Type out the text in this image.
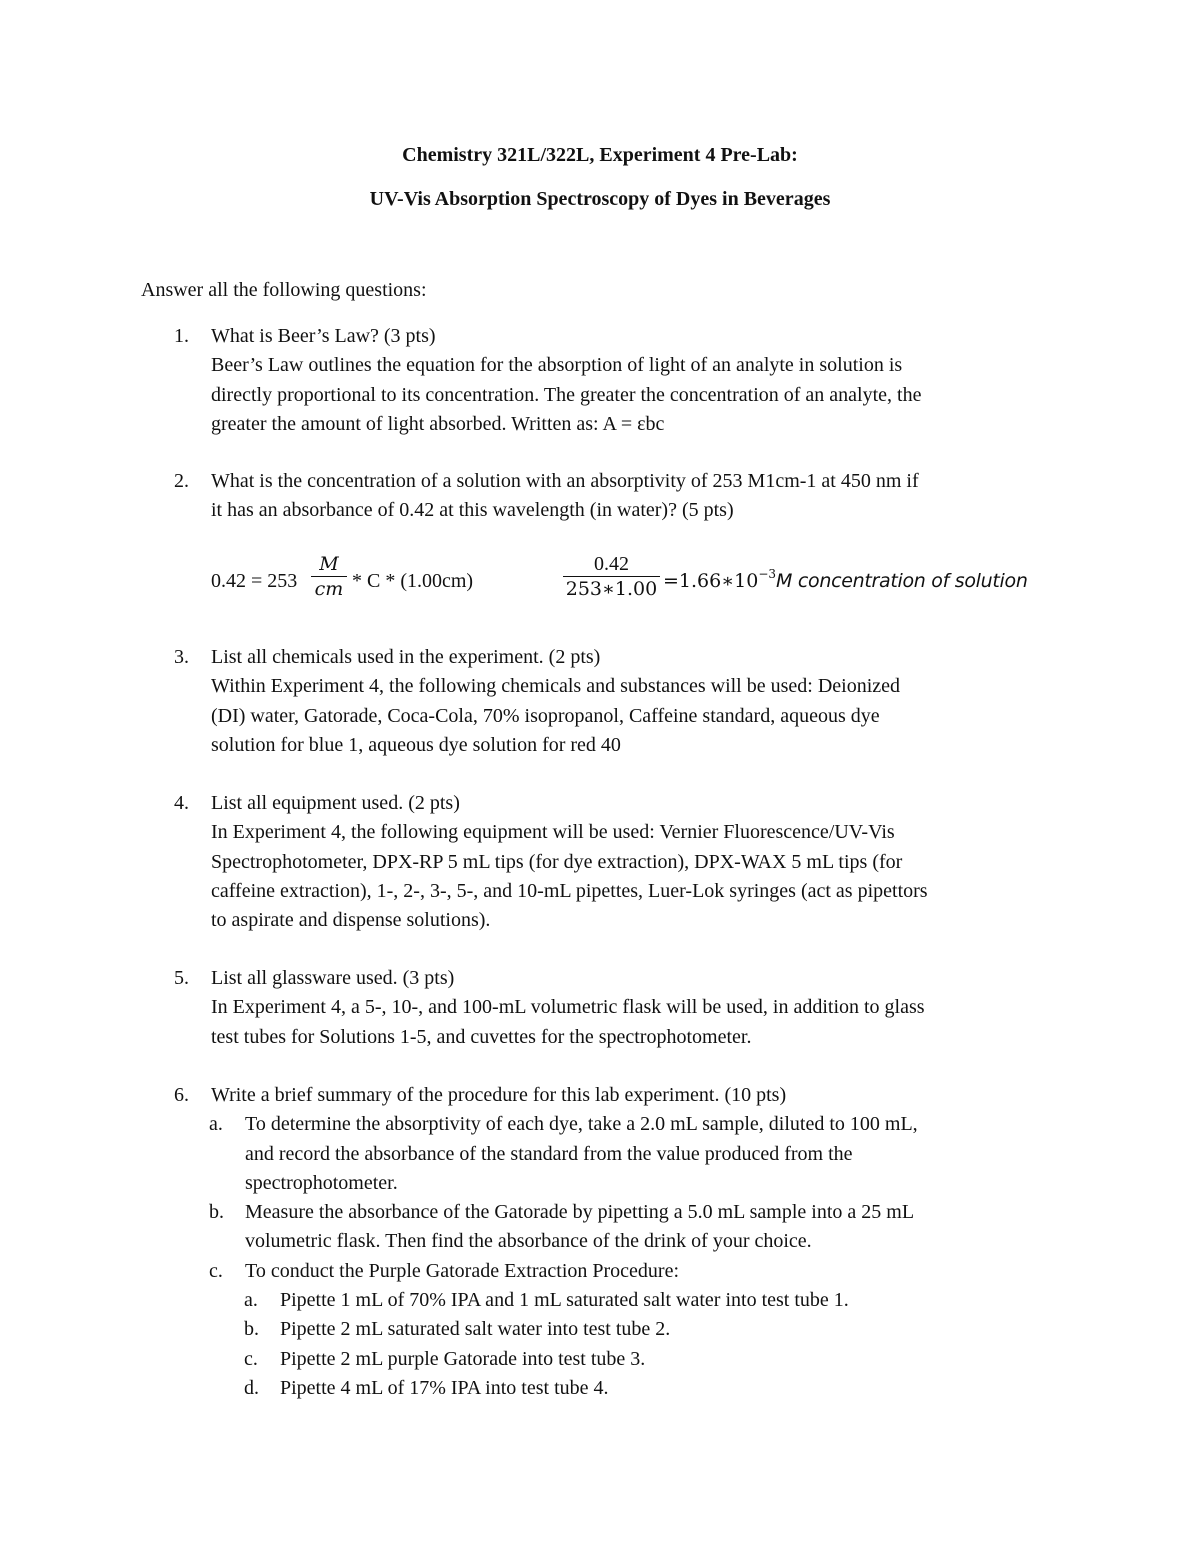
Chemistry 321L/322L, Experiment 4 Pre-Lab:
UV-Vis Absorption Spectroscopy of Dyes in Beverages
Answer all the following questions:
1. What is Beer’s Law? (3 pts)
Beer’s Law outlines the equation for the absorption of light of an analyte in solution is
directly proportional to its concentration. The greater the concentration of an analyte, the
greater the amount of light absorbed. Written as: A = εbc
2. What is the concentration of a solution with an absorptivity of 253 M1cm-1 at 450 nm if
it has an absorbance of 0.42 at this wavelength (in water)? (5 pts)
0.42 = 253
M
cm * C * (1.00cm)
0.42
253∗1.00 $=1.66∗10^{-3}M$ concentration of solution
3. List all chemicals used in the experiment. (2 pts)
Within Experiment 4, the following chemicals and substances will be used: Deionized
(DI) water, Gatorade, Coca-Cola, 70% isopropanol, Caffeine standard, aqueous dye
solution for blue 1, aqueous dye solution for red 40
4. List all equipment used. (2 pts)
In Experiment 4, the following equipment will be used: Vernier Fluorescence/UV-Vis
Spectrophotometer, DPX-RP 5 mL tips (for dye extraction), DPX-WAX 5 mL tips (for
caffeine extraction), 1-, 2-, 3-, 5-, and 10-mL pipettes, Luer-Lok syringes (act as pipettors
to aspirate and dispense solutions).
5. List all glassware used. (3 pts)
In Experiment 4, a 5-, 10-, and 100-mL volumetric flask will be used, in addition to glass
test tubes for Solutions 1-5, and cuvettes for the spectrophotometer.
6. Write a brief summary of the procedure for this lab experiment. (10 pts)
a. To determine the absorptivity of each dye, take a 2.0 mL sample, diluted to 100 mL,
and record the absorbance of the standard from the value produced from the
spectrophotometer.
b. Measure the absorbance of the Gatorade by pipetting a 5.0 mL sample into a 25 mL
volumetric flask. Then find the absorbance of the drink of your choice.
c. To conduct the Purple Gatorade Extraction Procedure:
a. Pipette 1 mL of 70% IPA and 1 mL saturated salt water into test tube 1.
b. Pipette 2 mL saturated salt water into test tube 2.
c. Pipette 2 mL purple Gatorade into test tube 3.
d. Pipette 4 mL of 17% IPA into test tube 4.
